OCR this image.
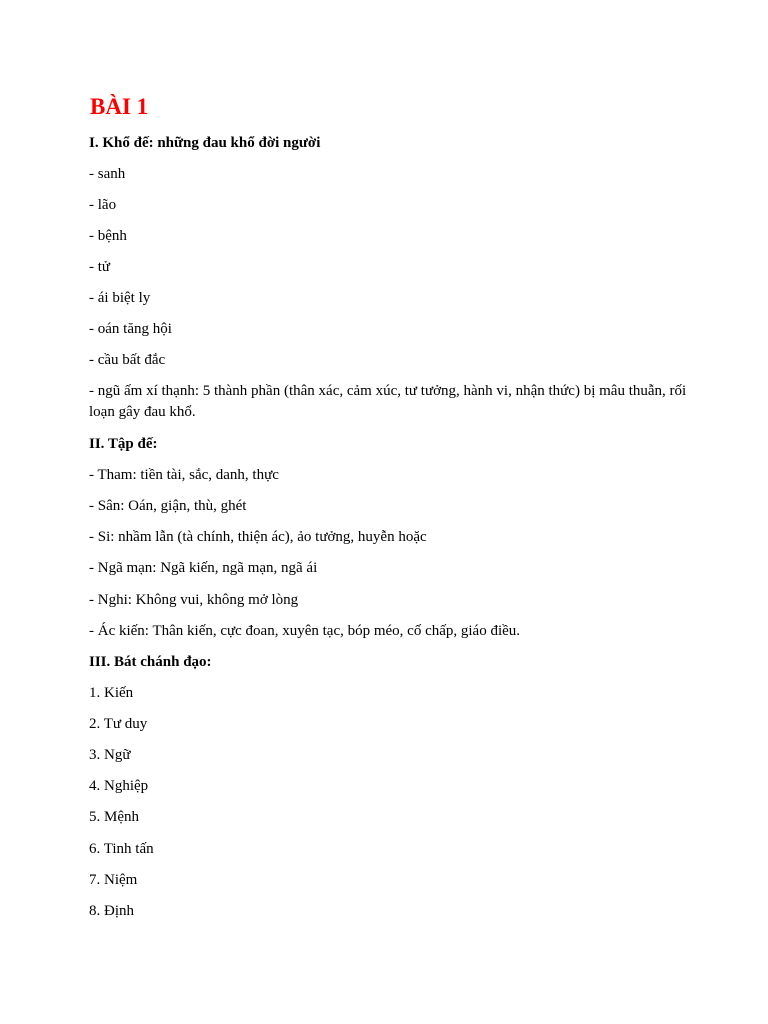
BÀI 1

I. Khổ đế: những đau khổ đời người

- sanh

- lão

- bệnh

- tử

- ái biệt ly

- oán tăng hội

- cầu bất đắc

- ngũ ấm xí thạnh: 5 thành phần (thân xác, cảm xúc, tư tưởng, hành vi, nhận thức) bị mâu thuẫn, rối loạn gây đau khổ.

II. Tập đế:

- Tham: tiền tài, sắc, danh, thực

- Sân: Oán, giận, thù, ghét

- Si: nhầm lẫn (tà chính, thiện ác), ảo tưởng, huyễn hoặc

- Ngã mạn: Ngã kiến, ngã mạn, ngã ái

- Nghi: Không vui, không mở lòng

- Ác kiến: Thân kiến, cực đoan, xuyên tạc, bóp méo, cố chấp, giáo điều.

III. Bát chánh đạo:

1. Kiến

2. Tư duy

3. Ngữ

4. Nghiệp

5. Mệnh

6. Tinh tấn

7. Niệm

8. Định
